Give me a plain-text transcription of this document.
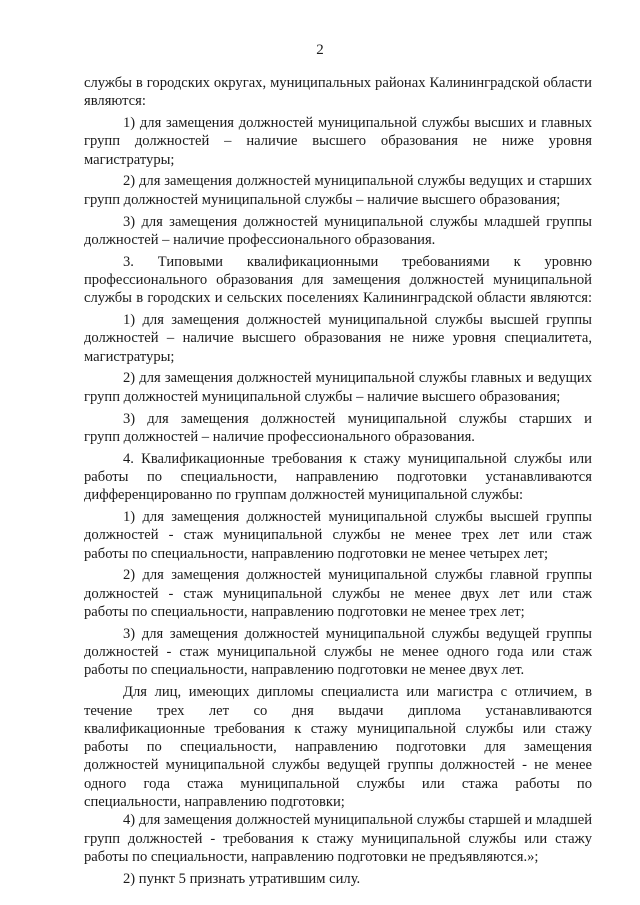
2
службы в городских округах, муниципальных районах Калининградской области
являются:
1) для замещения должностей муниципальной службы высших и главных
групп должностей – наличие высшего образования не ниже уровня
магистратуры;
2) для замещения должностей муниципальной службы ведущих и старших
групп должностей муниципальной службы – наличие высшего образования;
3) для замещения должностей муниципальной службы младшей группы
должностей – наличие профессионального образования.
3. Типовыми квалификационными требованиями к уровню
профессионального образования для замещения должностей муниципальной
службы в городских и сельских поселениях Калининградской области являются:
1) для замещения должностей муниципальной службы высшей группы
должностей – наличие высшего образования не ниже уровня специалитета,
магистратуры;
2) для замещения должностей муниципальной службы главных и ведущих
групп должностей муниципальной службы – наличие высшего образования;
3) для замещения должностей муниципальной службы старших и
групп должностей – наличие профессионального образования.
4. Квалификационные требования к стажу муниципальной службы или
работы по специальности, направлению подготовки устанавливаются
дифференцированно по группам должностей муниципальной службы:
1) для замещения должностей муниципальной службы высшей группы
должностей - стаж муниципальной службы не менее трех лет или стаж
работы по специальности, направлению подготовки не менее четырех лет;
2) для замещения должностей муниципальной службы главной группы
должностей - стаж муниципальной службы не менее двух лет или стаж
работы по специальности, направлению подготовки не менее трех лет;
3) для замещения должностей муниципальной службы ведущей группы
должностей - стаж муниципальной службы не менее одного года или стаж
работы по специальности, направлению подготовки не менее двух лет.
Для лиц, имеющих дипломы специалиста или магистра с отличием, в
течение трех лет со дня выдачи диплома устанавливаются
квалификационные требования к стажу муниципальной службы или стажу
работы по специальности, направлению подготовки для замещения
должностей муниципальной службы ведущей группы должностей - не менее
одного года стажа муниципальной службы или стажа работы по
специальности, направлению подготовки;
4) для замещения должностей муниципальной службы старшей и младшей
групп должностей - требования к стажу муниципальной службы или стажу
работы по специальности, направлению подготовки не предъявляются.»;
2) пункт 5 признать утратившим силу.
